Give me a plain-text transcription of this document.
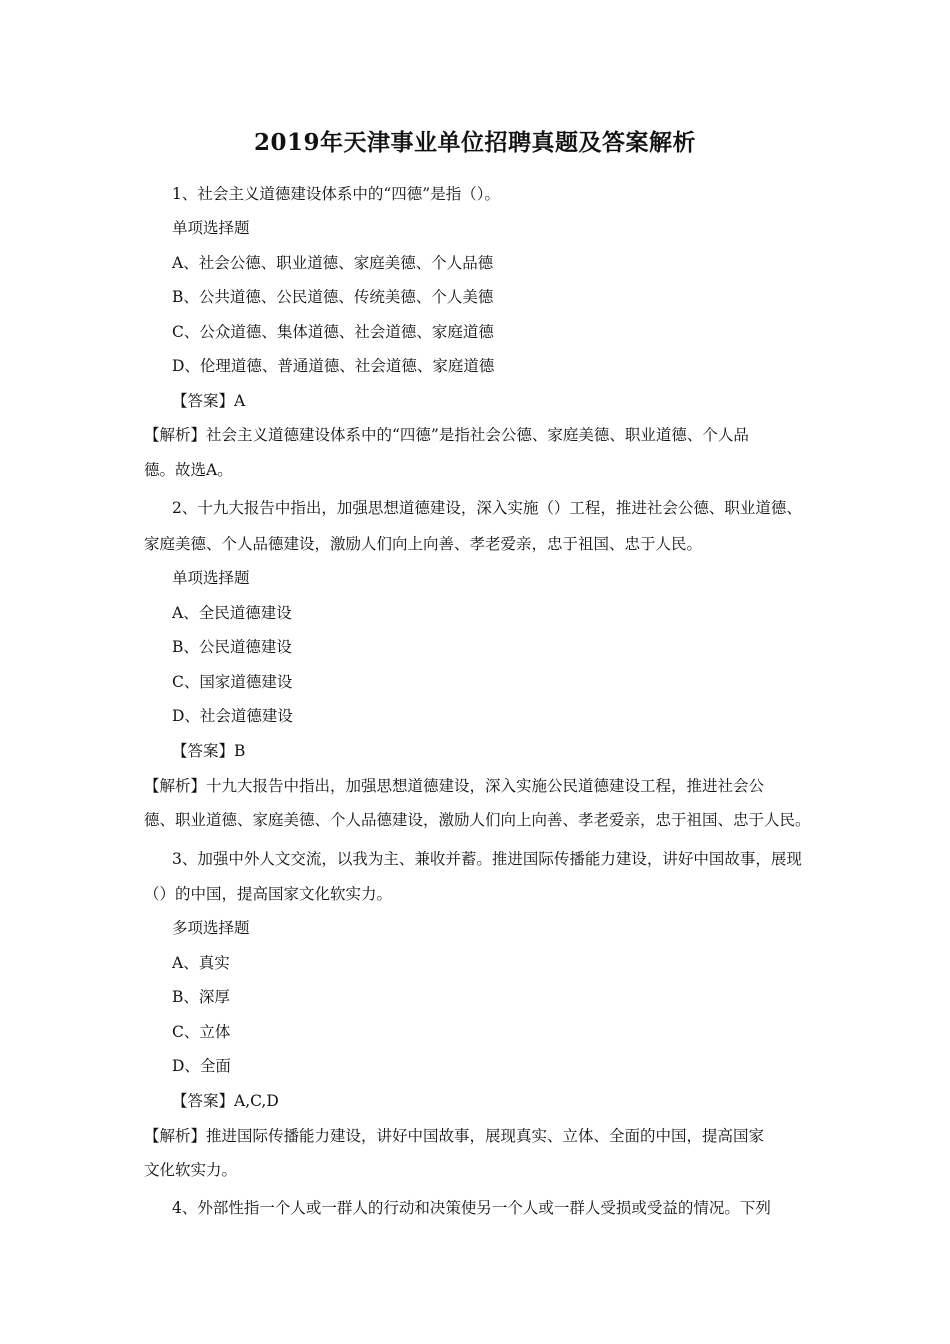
2019年天津事业单位招聘真题及答案解析
1、社会主义道德建设体系中的“四德”是指（）。
单项选择题
A、社会公德、职业道德、家庭美德、个人品德
B、公共道德、公民道德、传统美德、个人美德
C、公众道德、集体道德、社会道德、家庭道德
D、伦理道德、普通道德、社会道德、家庭道德
【答案】A
【解析】社会主义道德建设体系中的“四德”是指社会公德、家庭美德、职业道德、个人品
德。故选A。
2、十九大报告中指出，加强思想道德建设，深入实施（）工程，推进社会公德、职业道德、
家庭美德、个人品德建设，激励人们向上向善、孝老爱亲，忠于祖国、忠于人民。
单项选择题
A、全民道德建设
B、公民道德建设
C、国家道德建设
D、社会道德建设
【答案】B
【解析】十九大报告中指出，加强思想道德建设，深入实施公民道德建设工程，推进社会公
德、职业道德、家庭美德、个人品德建设，激励人们向上向善、孝老爱亲，忠于祖国、忠于人民。
3、加强中外人文交流，以我为主、兼收并蓄。推进国际传播能力建设，讲好中国故事，展现
（）的中国，提高国家文化软实力。
多项选择题
A、真实
B、深厚
C、立体
D、全面
【答案】A,C,D
【解析】推进国际传播能力建设，讲好中国故事，展现真实、立体、全面的中国，提高国家
文化软实力。
4、外部性指一个人或一群人的行动和决策使另一个人或一群人受损或受益的情况。下列
